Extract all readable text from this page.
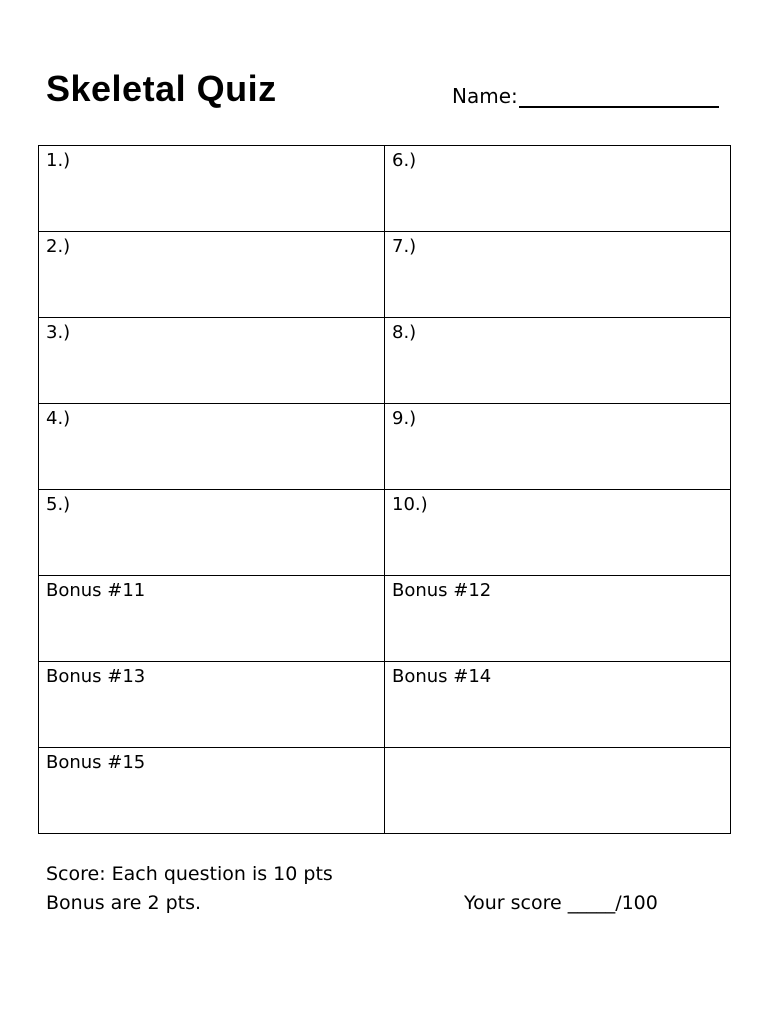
Skeletal Quiz	Name:
1.)	6.)
2.)	7.)
3.)	8.)
4.)	9.)
5.)	10.)
Bonus #11	Bonus #12
Bonus #13	Bonus #14
Bonus #15	
Score: Each question is 10 pts
Bonus are 2 pts.	Your score _____/100
